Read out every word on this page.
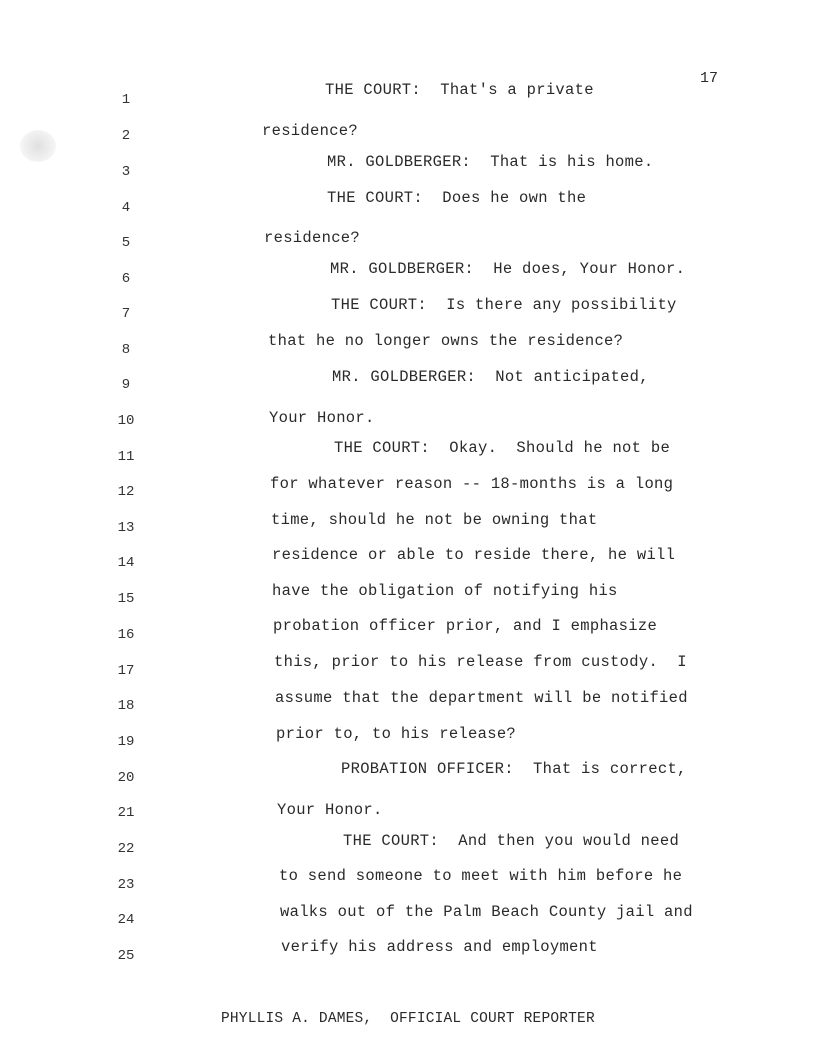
17
1
2
3
4
5
6
7
8
9
10
11
12
13
14
15
16
17
18
19
20
21
22
23
24
25
THE COURT:  That's a private
residence?
MR. GOLDBERGER:  That is his home.
THE COURT:  Does he own the
residence?
MR. GOLDBERGER:  He does, Your Honor.
THE COURT:  Is there any possibility
that he no longer owns the residence?
MR. GOLDBERGER:  Not anticipated,
Your Honor.
THE COURT:  Okay.  Should he not be
for whatever reason -- 18-months is a long
time, should he not be owning that
residence or able to reside there, he will
have the obligation of notifying his
probation officer prior, and I emphasize
this, prior to his release from custody.  I
assume that the department will be notified
prior to, to his release?
PROBATION OFFICER:  That is correct,
Your Honor.
THE COURT:  And then you would need
to send someone to meet with him before he
walks out of the Palm Beach County jail and
verify his address and employment
PHYLLIS A. DAMES,  OFFICIAL COURT REPORTER
